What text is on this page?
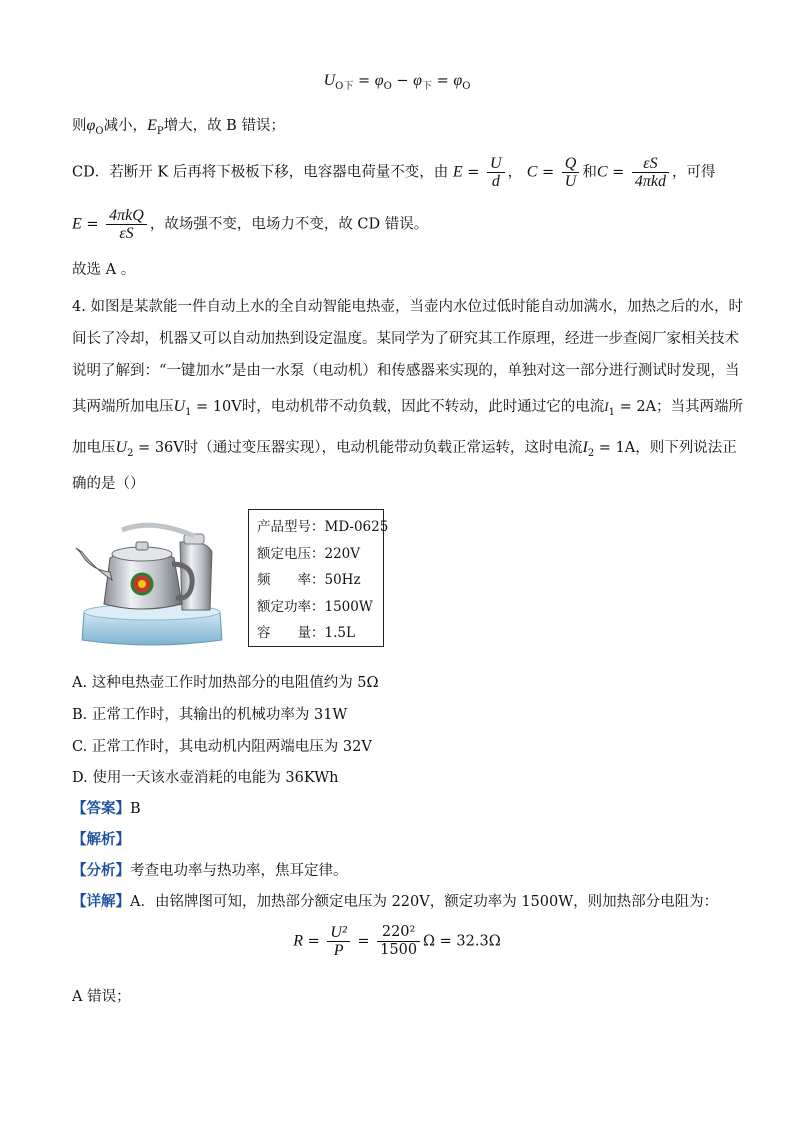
$U_{O下} = \varphi_O - \varphi_下 = \varphi_O$
则$\varphi_O$减小，$E_P$增大，故 B 错误；
CD．若断开 K 后再将下极板下移，电容器电荷量不变，由 $E = \frac{U}{d}$ ， $C = \frac{Q}{U}$ 和$C = \frac{\varepsilon S}{\text{4πkd}}$ ，可得
$E = \frac{\text{4πkQ}}{\varepsilon S}$ ，故场强不变，电场力不变，故 CD 错误。
故选 A 。
4. 如图是某款能一件自动上水的全自动智能电热壶，当壶内水位过低时能自动加满水，加热之后的水，时
间长了冷却，机器又可以自动加热到设定温度。某同学为了研究其工作原理，经进一步查阅厂家相关技术
说明了解到：“一键加水”是由一水泵（电动机）和传感器来实现的，单独对这一部分进行测试时发现，当
其两端所加电压$U_1 = 10V$时，电动机带不动负载，因此不转动，此时通过它的电流$I_1 = 2A$；当其两端所
加电压$U_2 = 36V$时（通过变压器实现），电动机能带动负载正常运转，这时电流$I_2 = 1A$，则下列说法正
确的是（）
产品型号：MD-0625
额定电压：220V
频　　率：50Hz
额定功率：1500W
容　　量：1.5L
A. 这种电热壶工作时加热部分的电阻值约为 5Ω
B. 正常工作时，其输出的机械功率为 31W
C. 正常工作时，其电动机内阻两端电压为 32V
D. 使用一天该水壶消耗的电能为 36KWh
【答案】B
【解析】
【分析】考查电功率与热功率，焦耳定律。
【详解】A．由铭牌图可知，加热部分额定电压为 220V，额定功率为 1500W，则加热部分电阻为：
$R = \frac{\text{U²}}{P} = \frac{\text{220²}}{1500}$ Ω = 32.3Ω
A 错误；
